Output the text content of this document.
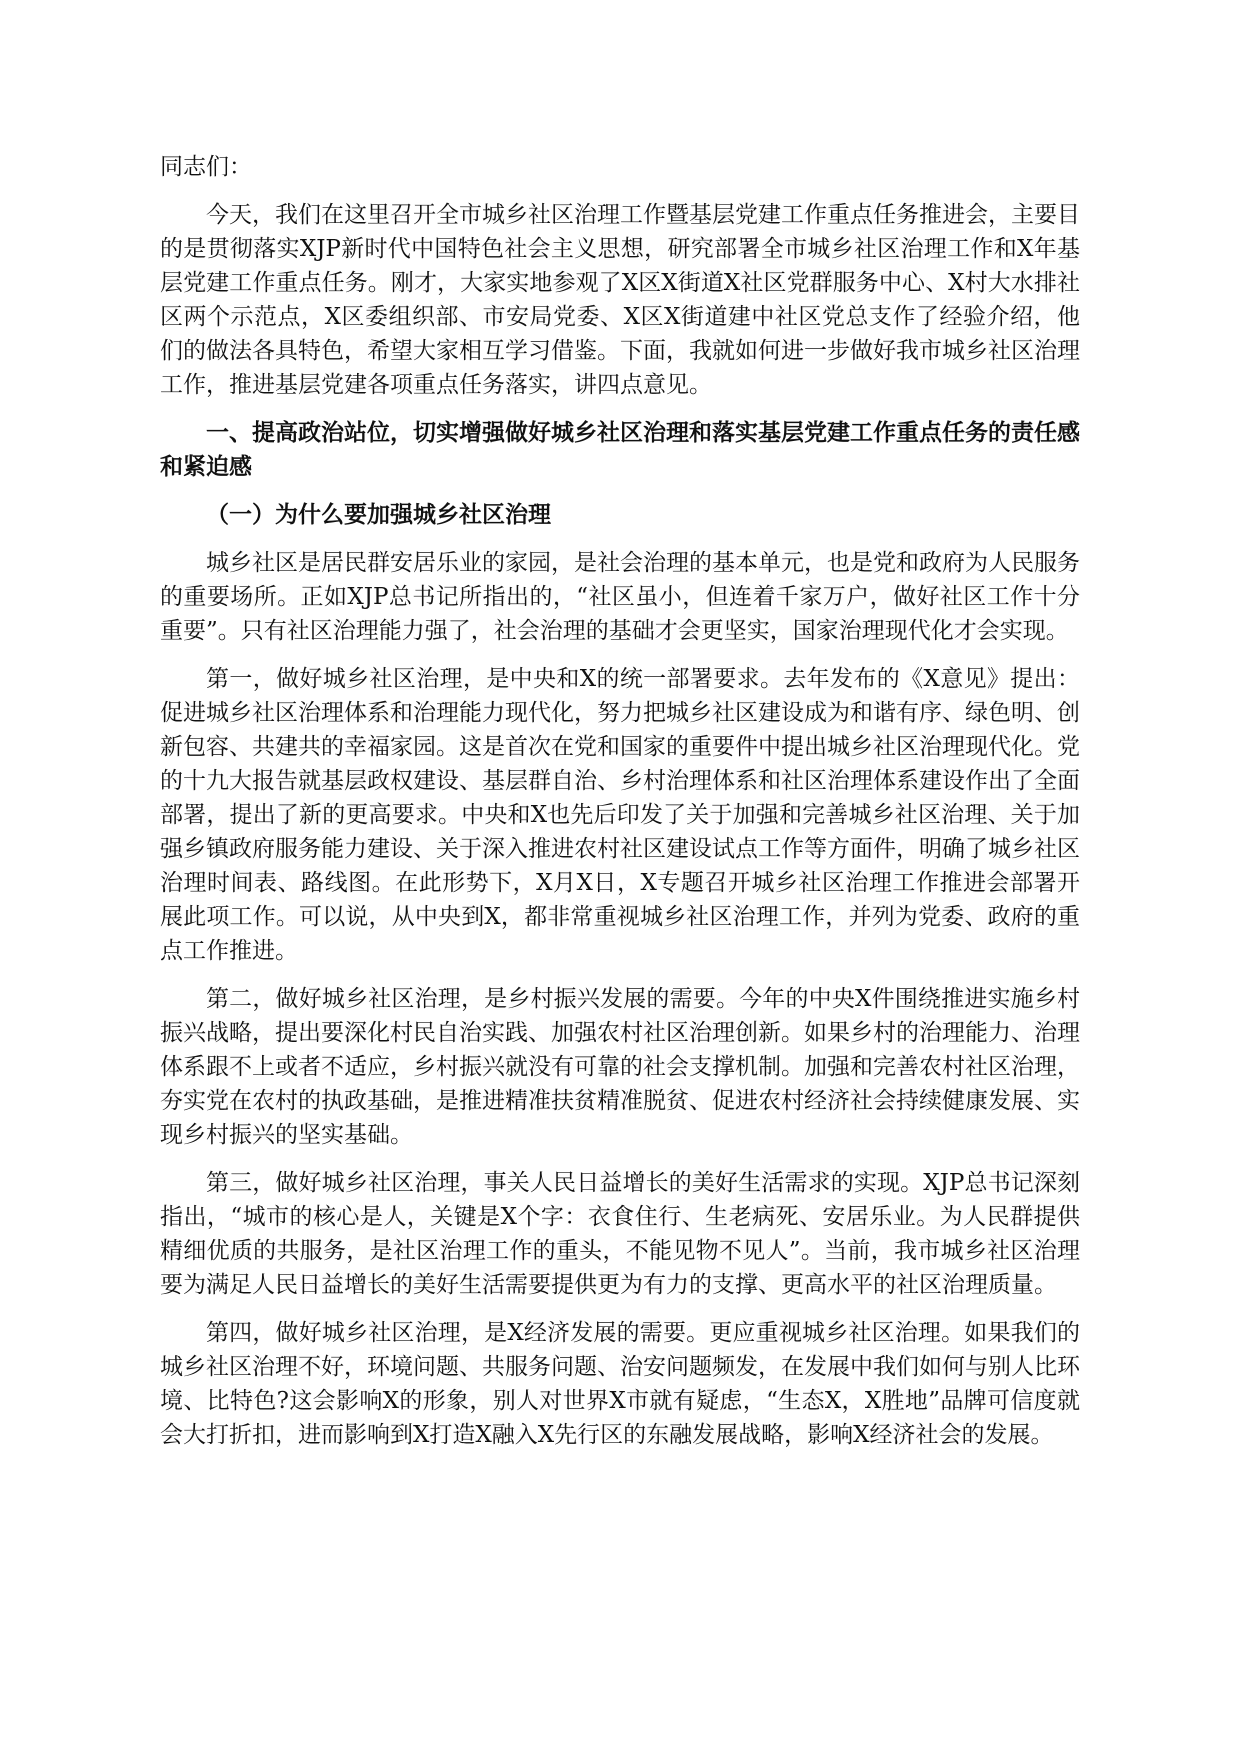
同志们：

今天，我们在这里召开全市城乡社区治理工作暨基层党建工作重点任务推进会，主要目的是贯彻落实XJP新时代中国特色社会主义思想，研究部署全市城乡社区治理工作和X年基层党建工作重点任务。刚才，大家实地参观了X区X街道X社区党群服务中心、X村大水排社区两个示范点，X区委组织部、市安局党委、X区X街道建中社区党总支作了经验介绍，他们的做法各具特色，希望大家相互学习借鉴。下面，我就如何进一步做好我市城乡社区治理工作，推进基层党建各项重点任务落实，讲四点意见。

一、提高政治站位，切实增强做好城乡社区治理和落实基层党建工作重点任务的责任感和紧迫感

（一）为什么要加强城乡社区治理

城乡社区是居民群安居乐业的家园，是社会治理的基本单元，也是党和政府为人民服务的重要场所。正如XJP总书记所指出的，“社区虽小，但连着千家万户，做好社区工作十分重要”。只有社区治理能力强了，社会治理的基础才会更坚实，国家治理现代化才会实现。

第一，做好城乡社区治理，是中央和X的统一部署要求。去年发布的《X意见》提出：促进城乡社区治理体系和治理能力现代化，努力把城乡社区建设成为和谐有序、绿色明、创新包容、共建共的幸福家园。这是首次在党和国家的重要件中提出城乡社区治理现代化。党的十九大报告就基层政权建设、基层群自治、乡村治理体系和社区治理体系建设作出了全面部署，提出了新的更高要求。中央和X也先后印发了关于加强和完善城乡社区治理、关于加强乡镇政府服务能力建设、关于深入推进农村社区建设试点工作等方面件，明确了城乡社区治理时间表、路线图。在此形势下，X月X日，X专题召开城乡社区治理工作推进会部署开展此项工作。可以说，从中央到X，都非常重视城乡社区治理工作，并列为党委、政府的重点工作推进。

第二，做好城乡社区治理，是乡村振兴发展的需要。今年的中央X件围绕推进实施乡村振兴战略，提出要深化村民自治实践、加强农村社区治理创新。如果乡村的治理能力、治理体系跟不上或者不适应，乡村振兴就没有可靠的社会支撑机制。加强和完善农村社区治理，夯实党在农村的执政基础，是推进精准扶贫精准脱贫、促进农村经济社会持续健康发展、实现乡村振兴的坚实基础。

第三，做好城乡社区治理，事关人民日益增长的美好生活需求的实现。XJP总书记深刻指出，“城市的核心是人，关键是X个字：衣食住行、生老病死、安居乐业。为人民群提供精细优质的共服务，是社区治理工作的重头，不能见物不见人”。当前，我市城乡社区治理要为满足人民日益增长的美好生活需要提供更为有力的支撑、更高水平的社区治理质量。

第四，做好城乡社区治理，是X经济发展的需要。更应重视城乡社区治理。如果我们的城乡社区治理不好，环境问题、共服务问题、治安问题频发，在发展中我们如何与别人比环境、比特色?这会影响X的形象，别人对世界X市就有疑虑，“生态X，X胜地”品牌可信度就会大打折扣，进而影响到X打造X融入X先行区的东融发展战略，影响X经济社会的发展。
